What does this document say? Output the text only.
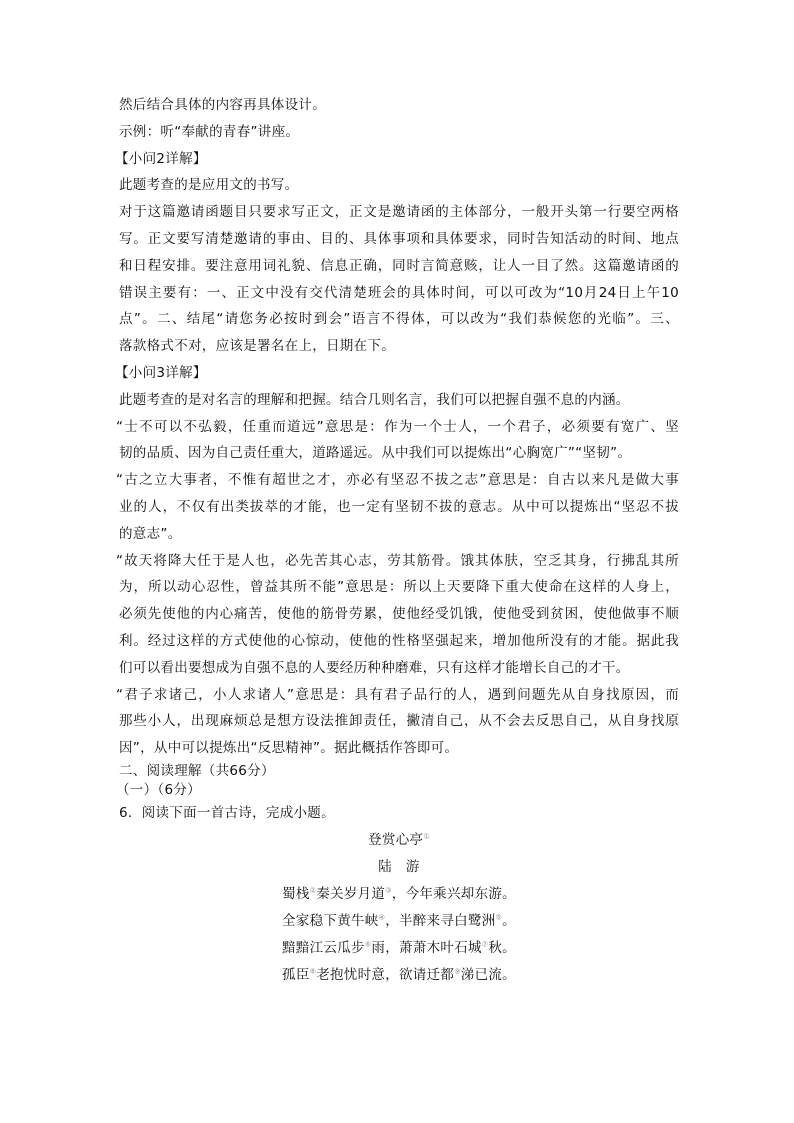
然后结合具体的内容再具体设计。
示例：听“奉献的青春”讲座。
【小问2详解】
此题考查的是应用文的书写。
对于这篇邀请函题目只要求写正文，正文是邀请函的主体部分，一般开头第一行要空两格
写。正文要写清楚邀请的事由、目的、具体事项和具体要求，同时告知活动的时间、地点
和日程安排。要注意用词礼貌、信息正确，同时言简意赅，让人一目了然。这篇邀请函的
错误主要有：一、正文中没有交代清楚班会的具体时间，可以可改为“10月24日上午10
点”。二、结尾“请您务必按时到会”语言不得体，可以改为“我们恭候您的光临”。三、
落款格式不对，应该是署名在上，日期在下。
【小问3详解】
此题考查的是对名言的理解和把握。结合几则名言，我们可以把握自强不息的内涵。
“士不可以不弘毅，任重而道远”意思是：作为一个士人，一个君子，必须要有宽广、坚
韧的品质、因为自己责任重大，道路遥远。从中我们可以提炼出“心胸宽广”“坚韧”。
“古之立大事者，不惟有超世之才，亦必有坚忍不拔之志”意思是：自古以来凡是做大事
业的人，不仅有出类拔萃的才能，也一定有坚韧不拔的意志。从中可以提炼出“坚忍不拔
的意志”。
“故天将降大任于是人也，必先苦其心志，劳其筋骨。饿其体肤，空乏其身，行拂乱其所
为，所以动心忍性，曾益其所不能”意思是：所以上天要降下重大使命在这样的人身上，
必须先使他的内心痛苦，使他的筋骨劳累，使他经受饥饿，使他受到贫困，使他做事不顺
利。经过这样的方式使他的心惊动，使他的性格坚强起来，增加他所没有的才能。据此我
们可以看出要想成为自强不息的人要经历种种磨难，只有这样才能增长自己的才干。
“君子求诸己，小人求诸人”意思是：具有君子品行的人，遇到问题先从自身找原因，而
那些小人，出现麻烦总是想方设法推卸责任，撇清自己，从不会去反思自己，从自身找原
因”，从中可以提炼出“反思精神”。据此概括作答即可。
二、阅读理解（共66分）
（一）（6分）
6．阅读下面一首古诗，完成小题。
登赏心亭①
陆　游
蜀栈②秦关岁月道③，今年乘兴却东游。
全家稳下黄牛峡④，半醉来寻白鹭洲⑤。
黯黯江云瓜步⑥雨，萧萧木叶石城⑦秋。
孤臣⑧老抱忧时意，欲请迁都⑨涕已流。
